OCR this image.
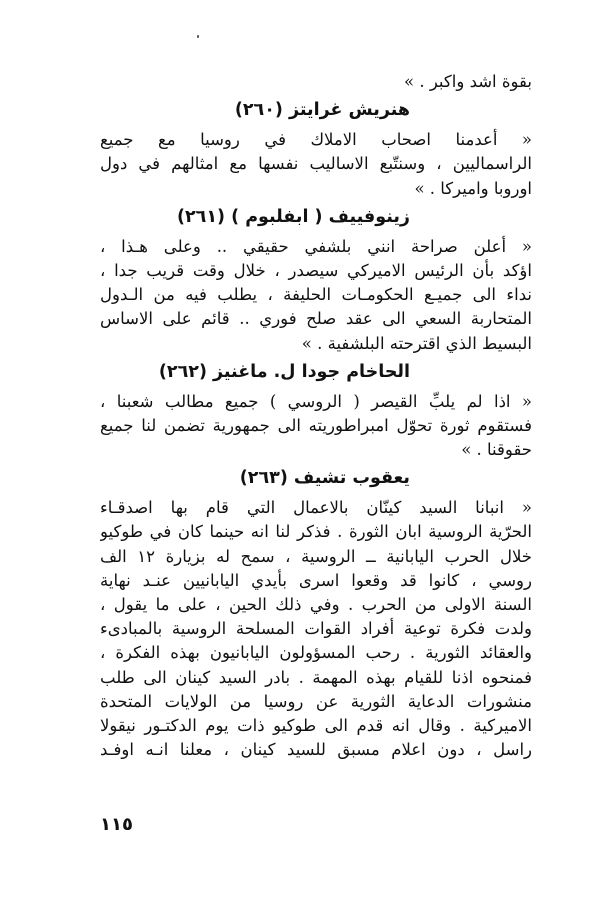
بقوة اشد واكبر . »
هنريش غرايتز (٢٦٠)
« أعدمنا اصحاب الاملاك في روسيا مع جميع
الراسماليين ، وسنتّبع الاساليب نفسها مع امثالهم في دول
اوروبا واميركا . »
زينوفييف ( ابفلبوم ) (٢٦١)
« أُعلن صراحة انني بلشفي حقيقي .. وعلى هـذا ،
اؤكد بأن الرئيس الاميركي سيصدر ، خلال وقت قريب جدا ،
نداء الى جميـع الحكومـات الحليفة ، يطلب فيه من الـدول
المتحاربة السعي الى عقد صلح فوري .. قائم على الاساس
البسيط الذي اقترحته البلشفية . »
الحاخام جودا ل. ماغنيز (٢٦٢)
« اذا لم يلبِّ القيصر ( الروسي ) جميع مطالب شعبنا ،
فستقوم ثورة تحوّل امبراطوريته الى جمهورية تضمن لنا جميع
حقوقنا . »
يعقوب تشيف (٢٦٣)
« انبانا السيد كينّان بالاعمال التي قام بها اصدقـاء
الحرّية الروسية ابان الثورة . فذكر لنا انه حينما كان في طوكيو
خلال الحرب اليابانية ــ الروسية ، سمح له بزيارة ١٢ الف
روسي ، كانوا قد وقعوا اسرى بأيدي اليابانيين عنـد نهاية
السنة الاولى من الحرب . وفي ذلك الحين ، على ما يقول ،
ولدت فكرة توعية أفراد القوات المسلحة الروسية بالمبادىء
والعقائد الثورية . رحب المسؤولون اليابانيون بهذه الفكرة ،
فمنحوه اذنا للقيام بهذه المهمة . بادر السيد كينان الى طلب
منشورات الدعاية الثورية عن روسيا من الولايات المتحدة
الاميركية . وقال انه قدم الى طوكيو ذات يوم الدكتـور نيقولا
راسل ، دون اعلام مسبق للسيد كينان ، معلنا انـه اوفـد
١١٥
